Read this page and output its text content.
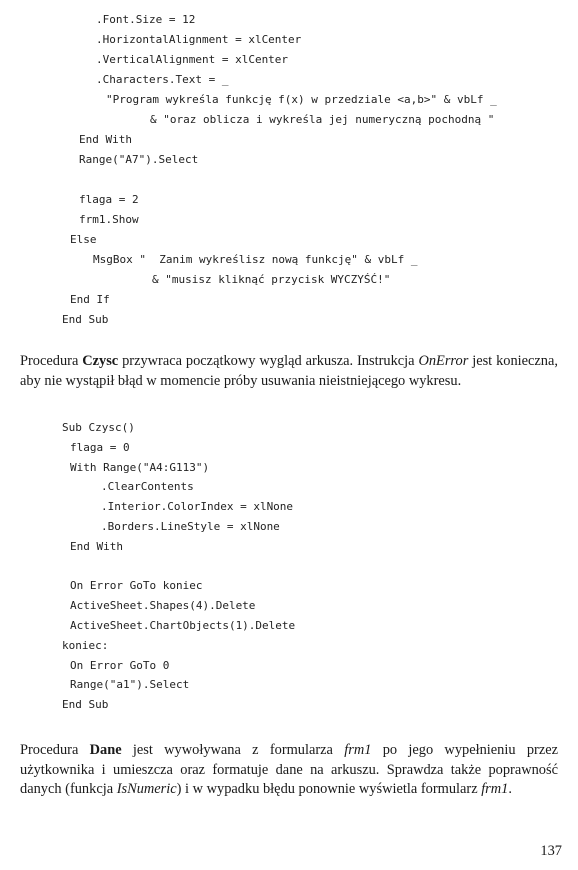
.Font.Size = 12
.HorizontalAlignment = xlCenter
.VerticalAlignment = xlCenter
.Characters.Text = _
"Program wykreśla funkcję f(x) w przedziale <a,b>" & vbLf _
& "oraz oblicza i wykreśla jej numeryczną pochodną "
End With
Range("A7").Select
flaga = 2
frm1.Show
Else
MsgBox "  Zanim wykreślisz nową funkcję" & vbLf _
& "musisz kliknąć przycisk WYCZYŚĆ!"
End If
End Sub

Procedura Czysc przywraca początkowy wygląd arkusza. Instrukcja OnError jest konieczna, aby nie wystąpił błąd w momencie próby usuwania nieistniejącego wykresu.

Sub Czysc()
flaga = 0
With Range("A4:G113")
.ClearContents
.Interior.ColorIndex = xlNone
.Borders.LineStyle = xlNone
End With
On Error GoTo koniec
ActiveSheet.Shapes(4).Delete
ActiveSheet.ChartObjects(1).Delete
koniec:
On Error GoTo 0
Range("a1").Select
End Sub

Procedura Dane jest wywoływana z formularza frm1 po jego wypełnieniu przez użytkownika i umieszcza oraz formatuje dane na arkuszu. Sprawdza także poprawność danych (funkcja IsNumeric) i w wypadku błędu ponownie wyświetla formularz frm1.

137
